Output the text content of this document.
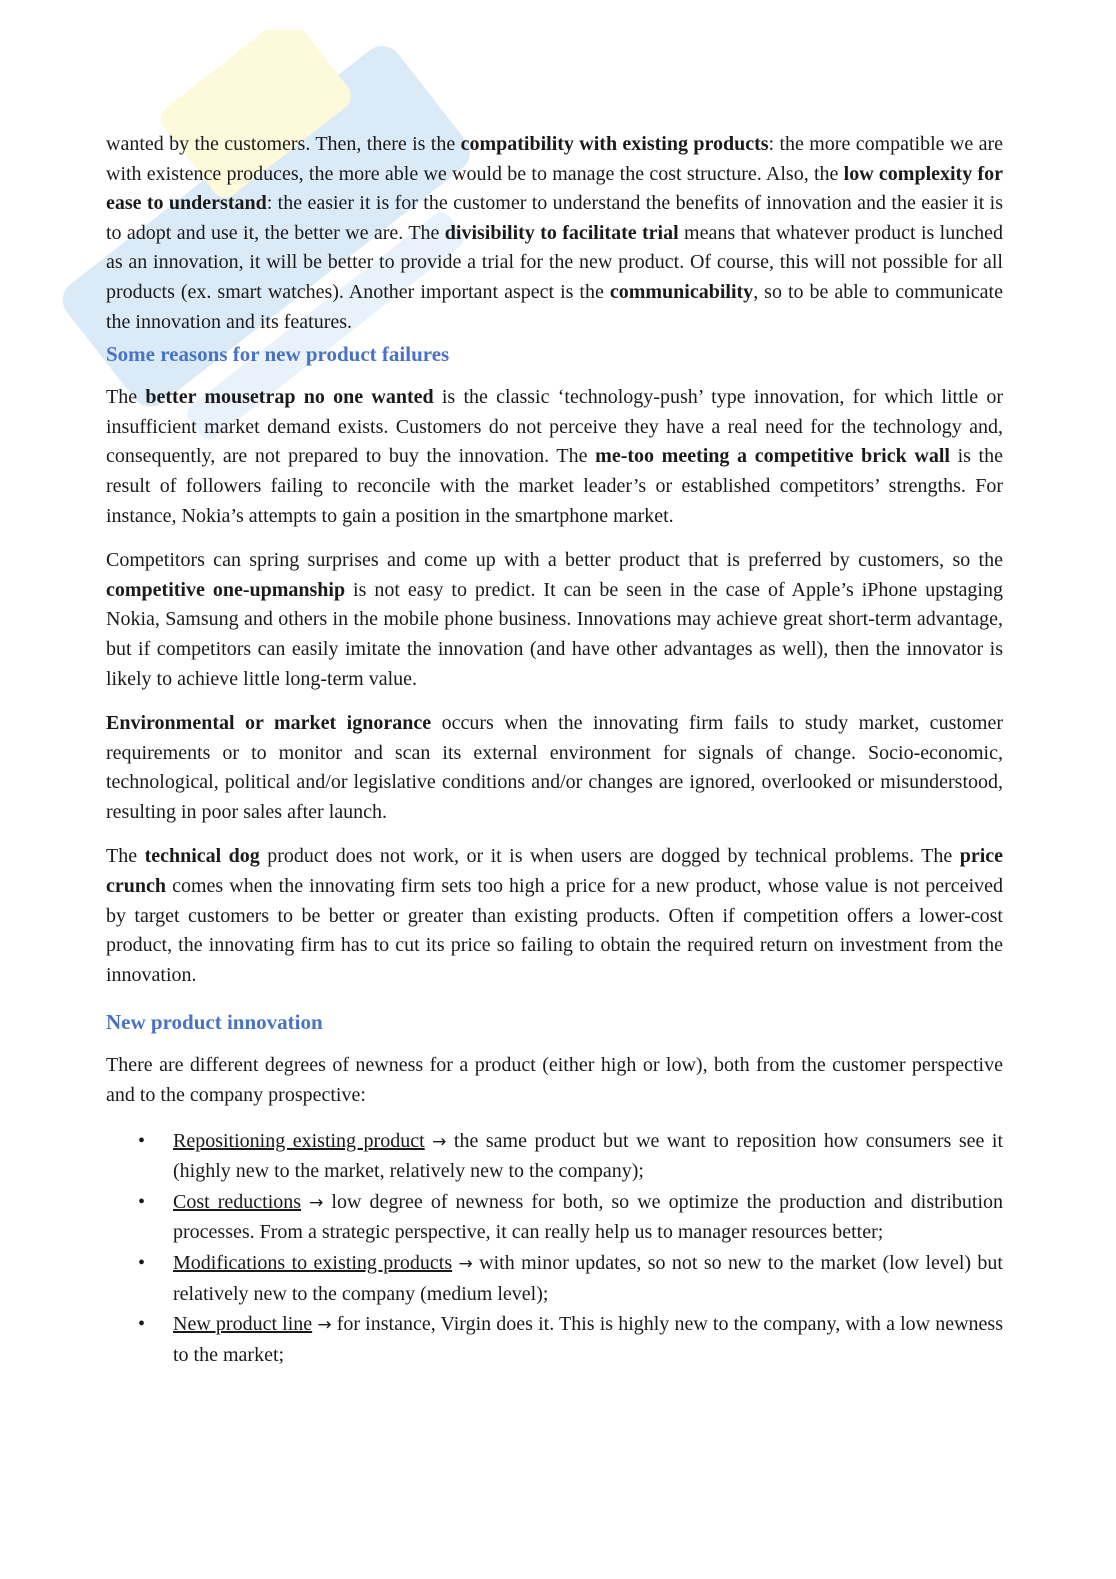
wanted by the customers. Then, there is the compatibility with existing products: the more compatible we are with existence produces, the more able we would be to manage the cost structure. Also, the low complexity for ease to understand: the easier it is for the customer to understand the benefits of innovation and the easier it is to adopt and use it, the better we are. The divisibility to facilitate trial means that whatever product is lunched as an innovation, it will be better to provide a trial for the new product. Of course, this will not possible for all products (ex. smart watches). Another important aspect is the communicability, so to be able to communicate the innovation and its features.

Some reasons for new product failures

The better mousetrap no one wanted is the classic ‘technology-push’ type innovation, for which little or insufficient market demand exists. Customers do not perceive they have a real need for the technology and, consequently, are not prepared to buy the innovation. The me-too meeting a competitive brick wall is the result of followers failing to reconcile with the market leader’s or established competitors’ strengths. For instance, Nokia’s attempts to gain a position in the smartphone market.

Competitors can spring surprises and come up with a better product that is preferred by customers, so the competitive one-upmanship is not easy to predict. It can be seen in the case of Apple’s iPhone upstaging Nokia, Samsung and others in the mobile phone business. Innovations may achieve great short-term advantage, but if competitors can easily imitate the innovation (and have other advantages as well), then the innovator is likely to achieve little long-term value.

Environmental or market ignorance occurs when the innovating firm fails to study market, customer requirements or to monitor and scan its external environment for signals of change. Socio-economic, technological, political and/or legislative conditions and/or changes are ignored, overlooked or misunderstood, resulting in poor sales after launch.

The technical dog product does not work, or it is when users are dogged by technical problems. The price crunch comes when the innovating firm sets too high a price for a new product, whose value is not perceived by target customers to be better or greater than existing products. Often if competition offers a lower-cost product, the innovating firm has to cut its price so failing to obtain the required return on investment from the innovation.

New product innovation

There are different degrees of newness for a product (either high or low), both from the customer perspective and to the company prospective:

• Repositioning existing product → the same product but we want to reposition how consumers see it (highly new to the market, relatively new to the company);
• Cost reductions → low degree of newness for both, so we optimize the production and distribution processes. From a strategic perspective, it can really help us to manager resources better;
• Modifications to existing products → with minor updates, so not so new to the market (low level) but relatively new to the company (medium level);
• New product line → for instance, Virgin does it. This is highly new to the company, with a low newness to the market;
